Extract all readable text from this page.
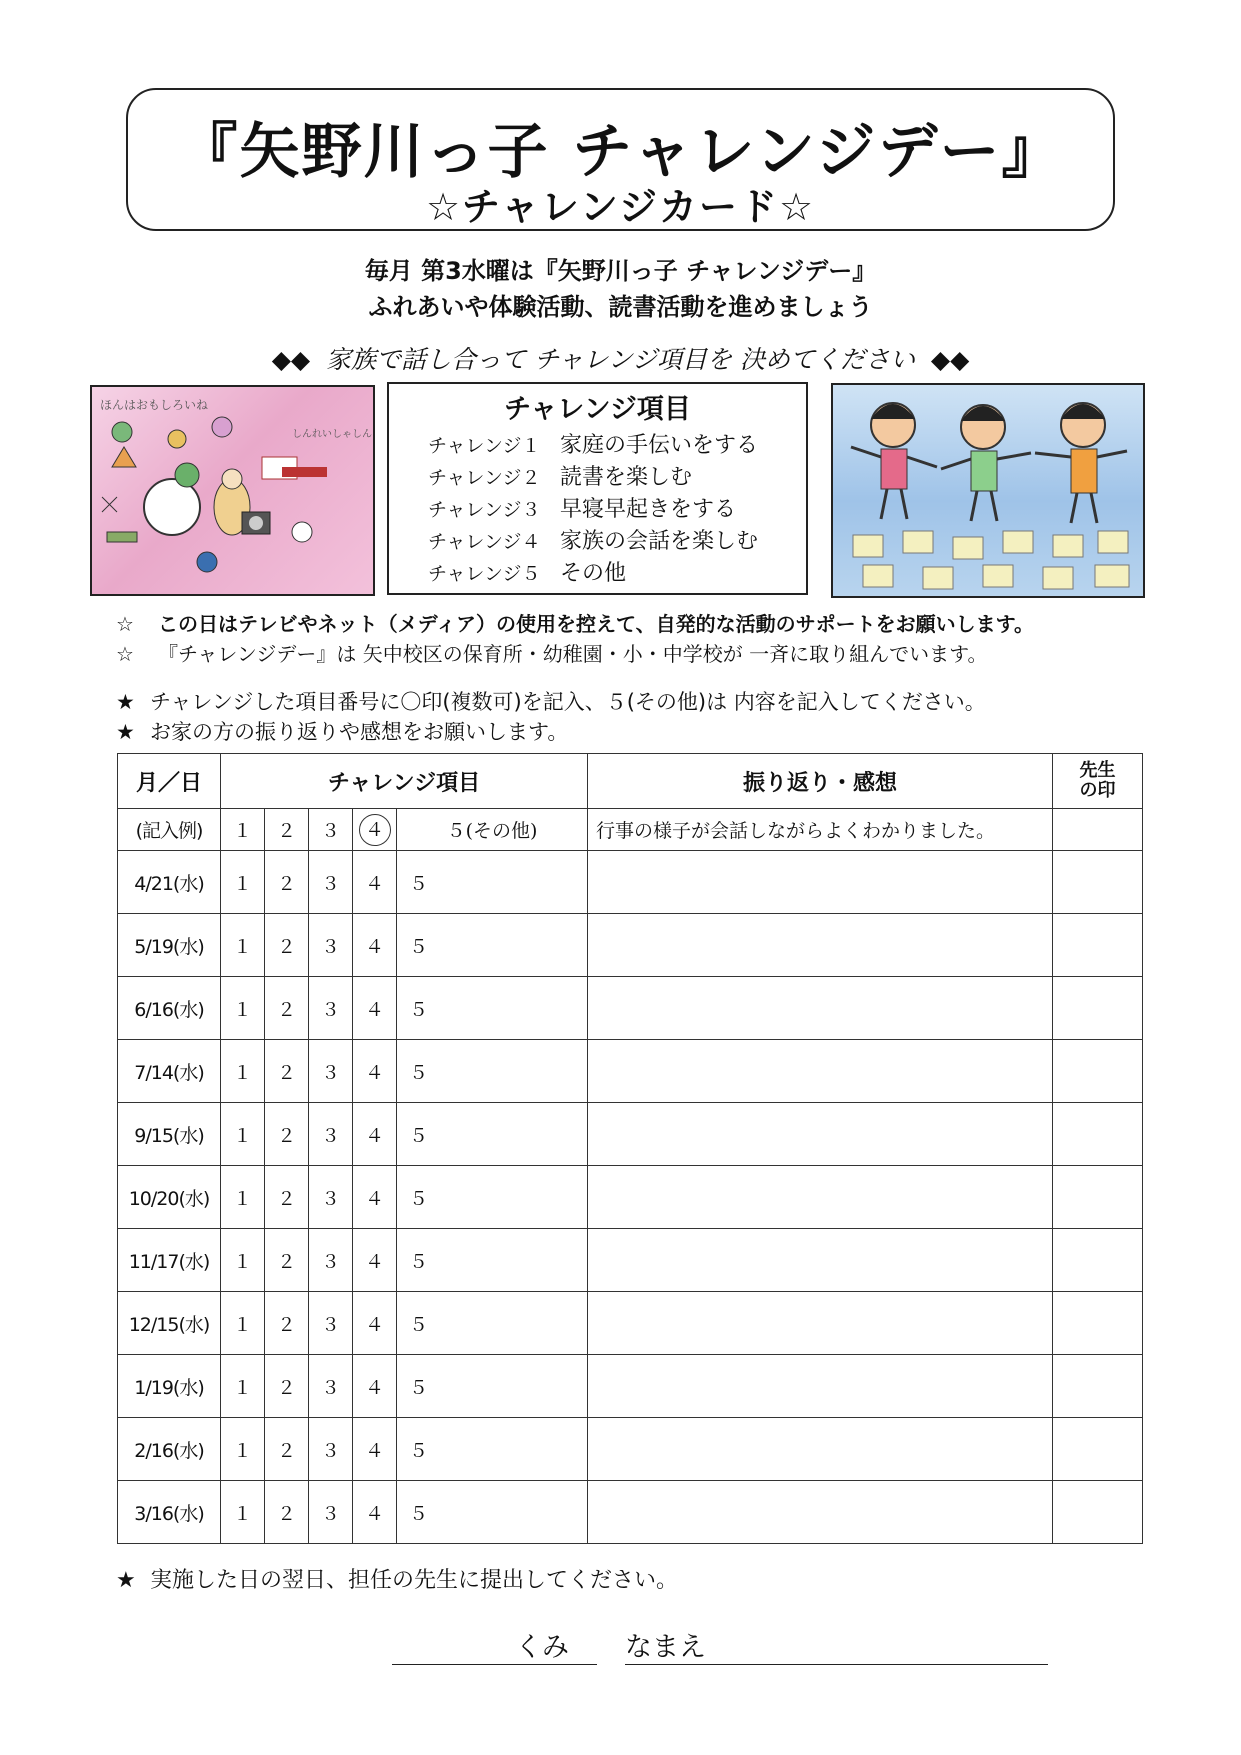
『矢野川っ子 チャレンジデー』
☆チャレンジカード☆
毎月 第3水曜は『矢野川っ子 チャレンジデー』
ふれあいや体験活動、読書活動を進めましょう
◆◆ 家族で話し合って チャレンジ項目を 決めてください ◆◆
ほんはおもしろいね
しんれいしゃしん
チャレンジ項目
チャレンジ１ 家庭の手伝いをする
チャレンジ２ 読書を楽しむ
チャレンジ３ 早寝早起きをする
チャレンジ４ 家族の会話を楽しむ
チャレンジ５ その他
☆ この日はテレビやネット（メディア）の使用を控えて、自発的な活動のサポートをお願いします。
☆ 『チャレンジデー』は 矢中校区の保育所・幼稚園・小・中学校が 一斉に取り組んでいます。
★ チャレンジした項目番号に〇印(複数可)を記入、５(その他)は 内容を記入してください。
★ お家の方の振り返りや感想をお願いします。
月／日	チャレンジ項目					振り返り・感想	先生
の印
(記入例)	１	２	３	４	５(その他)	行事の様子が会話しながらよくわかりました。	
4/21(水)	１	２	３	４	５		
5/19(水)	１	２	３	４	５		
6/16(水)	１	２	３	４	５		
7/14(水)	１	２	３	４	５		
9/15(水)	１	２	３	４	５		
10/20(水)	１	２	３	４	５		
11/17(水)	１	２	３	４	５		
12/15(水)	１	２	３	４	５		
1/19(水)	１	２	３	４	５		
2/16(水)	１	２	３	４	５		
3/16(水)	１	２	３	４	５		
★ 実施した日の翌日、担任の先生に提出してください。
くみ なまえ
